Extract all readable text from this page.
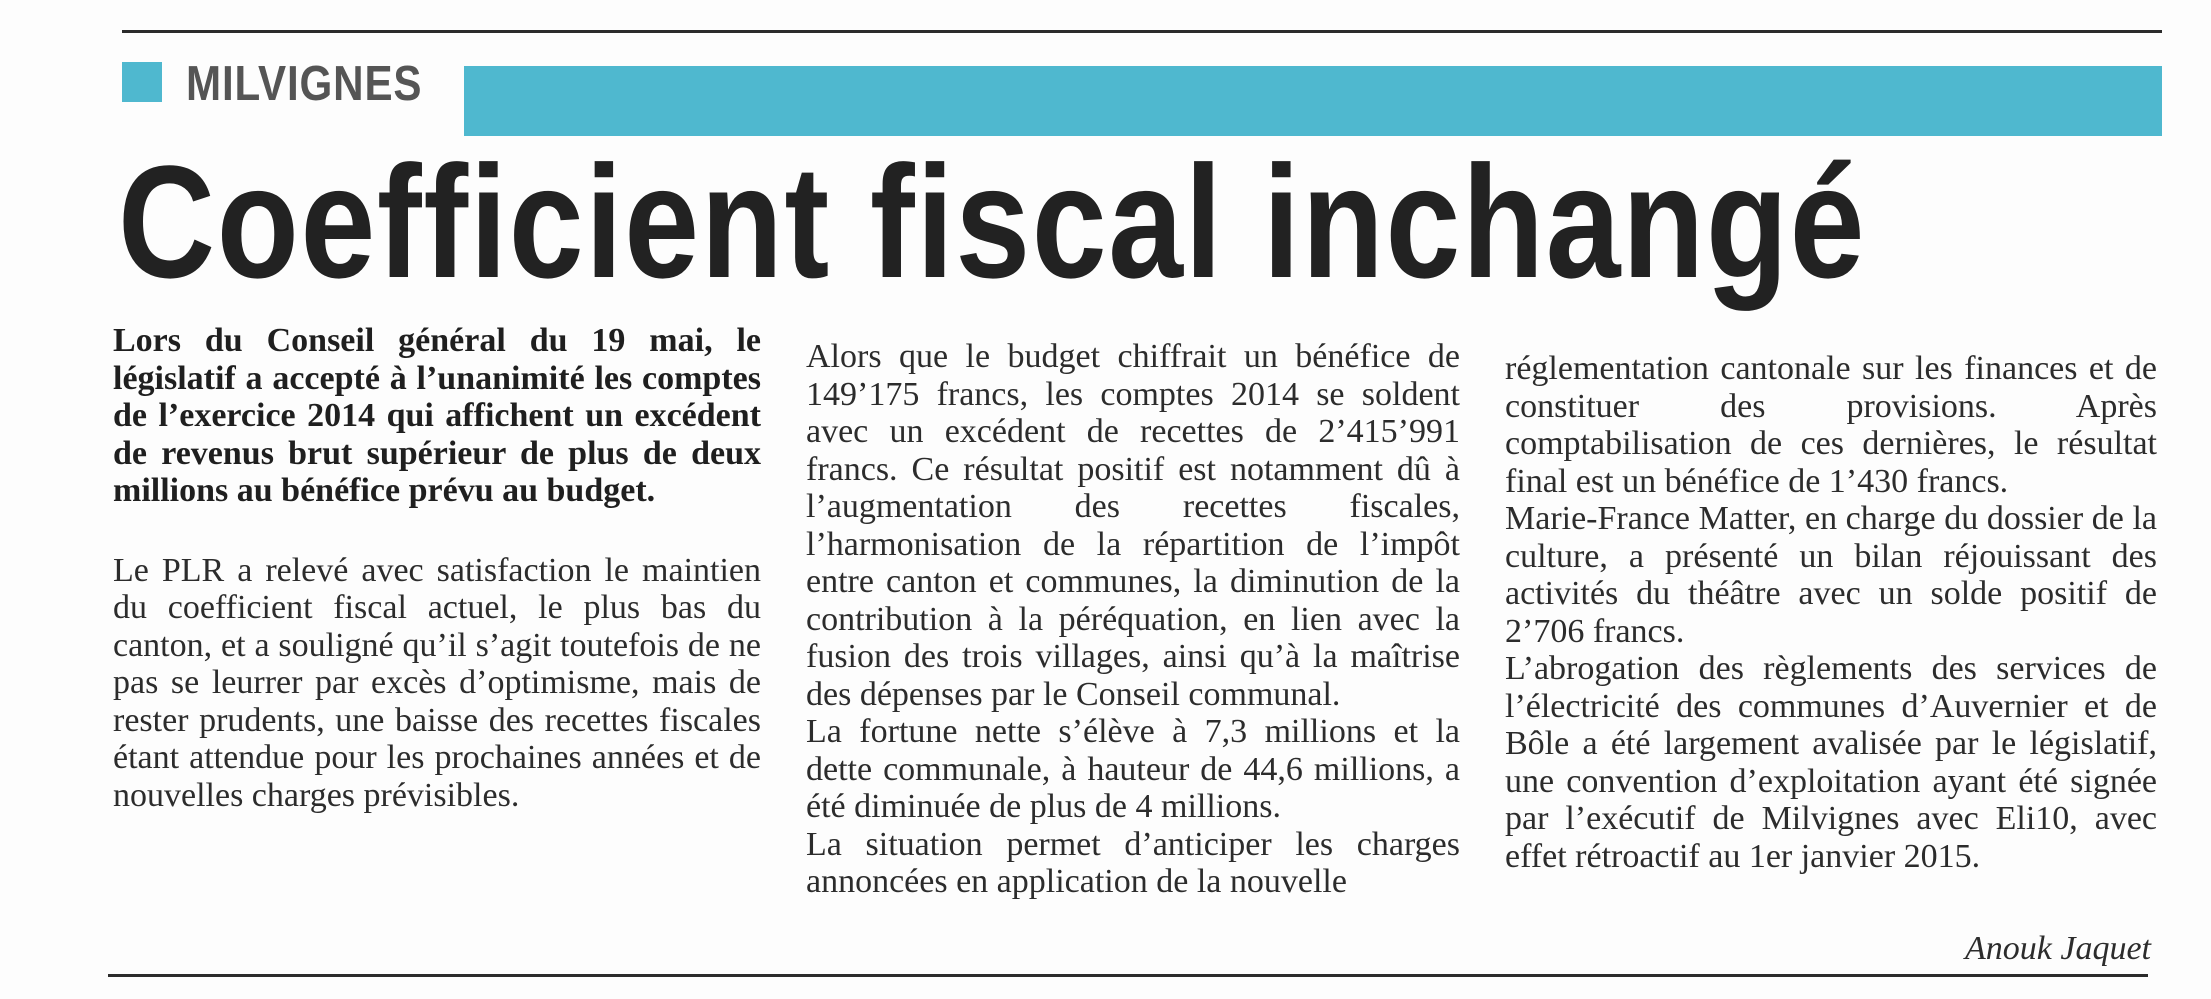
MILVIGNES
Coefficient fiscal inchangé

Lors du Conseil général du 19 mai, le législatif a accepté à l’unanimité les comptes de l’exercice 2014 qui affichent un excédent de revenus brut supérieur de plus de deux millions au bénéfice prévu au budget.

Le PLR a relevé avec satisfaction le maintien du coefficient fiscal actuel, le plus bas du canton, et a souligné qu’il s’agit toutefois de ne pas se leurrer par excès d’optimisme, mais de rester prudents, une baisse des recettes fiscales étant attendue pour les prochaines années et de nouvelles charges prévisibles.

Alors que le budget chiffrait un bénéfice de 149’175 francs, les comptes 2014 se soldent avec un excédent de recettes de 2’415’991 francs. Ce résultat positif est notamment dû à l’augmentation des recettes fiscales, l’harmonisation de la répartition de l’impôt entre canton et communes, la diminution de la contribution à la péréquation, en lien avec la fusion des trois villages, ainsi qu’à la maîtrise des dépenses par le Conseil communal.

La fortune nette s’élève à 7,3 millions et la dette communale, à hauteur de 44,6 millions, a été diminuée de plus de 4 millions.

La situation permet d’anticiper les charges annoncées en application de la nouvelle

réglementation cantonale sur les finances et de constituer des provisions. Après comptabilisation de ces dernières, le résultat final est un bénéfice de 1’430 francs.

Marie-France Matter, en charge du dossier de la culture, a présenté un bilan réjouissant des activités du théâtre avec un solde positif de 2’706 francs.

L’abrogation des règlements des services de l’électricité des communes d’Auvernier et de Bôle a été largement avalisée par le législatif, une convention d’exploitation ayant été signée par l’exécutif de Milvignes avec Eli10, avec effet rétroactif au 1er janvier 2015.

Anouk Jaquet
